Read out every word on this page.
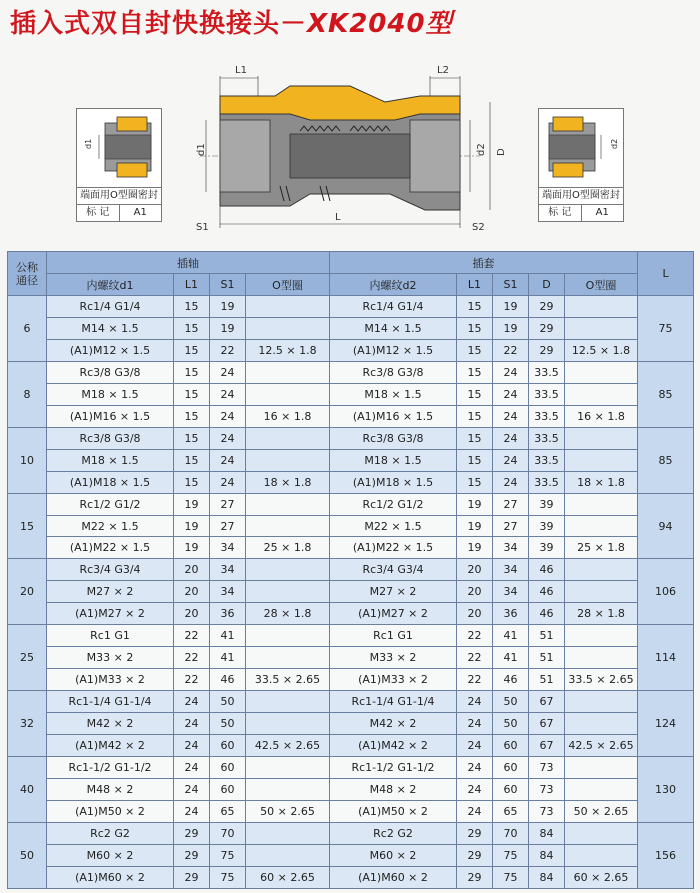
插入式双自封快换接头－XK2040型
d1
端面用O型圈密封
标 记	A1
L1	L2
L
d1	d2 D
S1	S2
d2
端面用O型圈密封
标 记	A1
公称
通径	插轴				插套					L
	内螺纹d1	L1	S1	O型圈	内螺纹d2	L1	S1	D	O型圈	
6	Rc1/4 G1/4	15	19		Rc1/4 G1/4	15	19	29		75
	M14 × 1.5	15	19		M14 × 1.5	15	19	29		
	(A1)M12 × 1.5	15	22	12.5 × 1.8	(A1)M12 × 1.5	15	22	29	12.5 × 1.8	
8	Rc3/8 G3/8	15	24		Rc3/8 G3/8	15	24	33.5		85
	M18 × 1.5	15	24		M18 × 1.5	15	24	33.5		
	(A1)M16 × 1.5	15	24	16 × 1.8	(A1)M16 × 1.5	15	24	33.5	16 × 1.8	
10	Rc3/8 G3/8	15	24		Rc3/8 G3/8	15	24	33.5		85
	M18 × 1.5	15	24		M18 × 1.5	15	24	33.5		
	(A1)M18 × 1.5	15	24	18 × 1.8	(A1)M18 × 1.5	15	24	33.5	18 × 1.8	
15	Rc1/2 G1/2	19	27		Rc1/2 G1/2	19	27	39		94
	M22 × 1.5	19	27		M22 × 1.5	19	27	39		
	(A1)M22 × 1.5	19	34	25 × 1.8	(A1)M22 × 1.5	19	34	39	25 × 1.8	
20	Rc3/4 G3/4	20	34		Rc3/4 G3/4	20	34	46		106
	M27 × 2	20	34		M27 × 2	20	34	46		
	(A1)M27 × 2	20	36	28 × 1.8	(A1)M27 × 2	20	36	46	28 × 1.8	
25	Rc1 G1	22	41		Rc1 G1	22	41	51		114
	M33 × 2	22	41		M33 × 2	22	41	51		
	(A1)M33 × 2	22	46	33.5 × 2.65	(A1)M33 × 2	22	46	51	33.5 × 2.65	
32	Rc1-1/4 G1-1/4	24	50		Rc1-1/4 G1-1/4	24	50	67		124
	M42 × 2	24	50		M42 × 2	24	50	67		
	(A1)M42 × 2	24	60	42.5 × 2.65	(A1)M42 × 2	24	60	67	42.5 × 2.65	
40	Rc1-1/2 G1-1/2	24	60		Rc1-1/2 G1-1/2	24	60	73		130
	M48 × 2	24	60		M48 × 2	24	60	73		
	(A1)M50 × 2	24	65	50 × 2.65	(A1)M50 × 2	24	65	73	50 × 2.65	
50	Rc2 G2	29	70		Rc2 G2	29	70	84		156
	M60 × 2	29	75		M60 × 2	29	75	84		
	(A1)M60 × 2	29	75	60 × 2.65	(A1)M60 × 2	29	75	84	60 × 2.65	
